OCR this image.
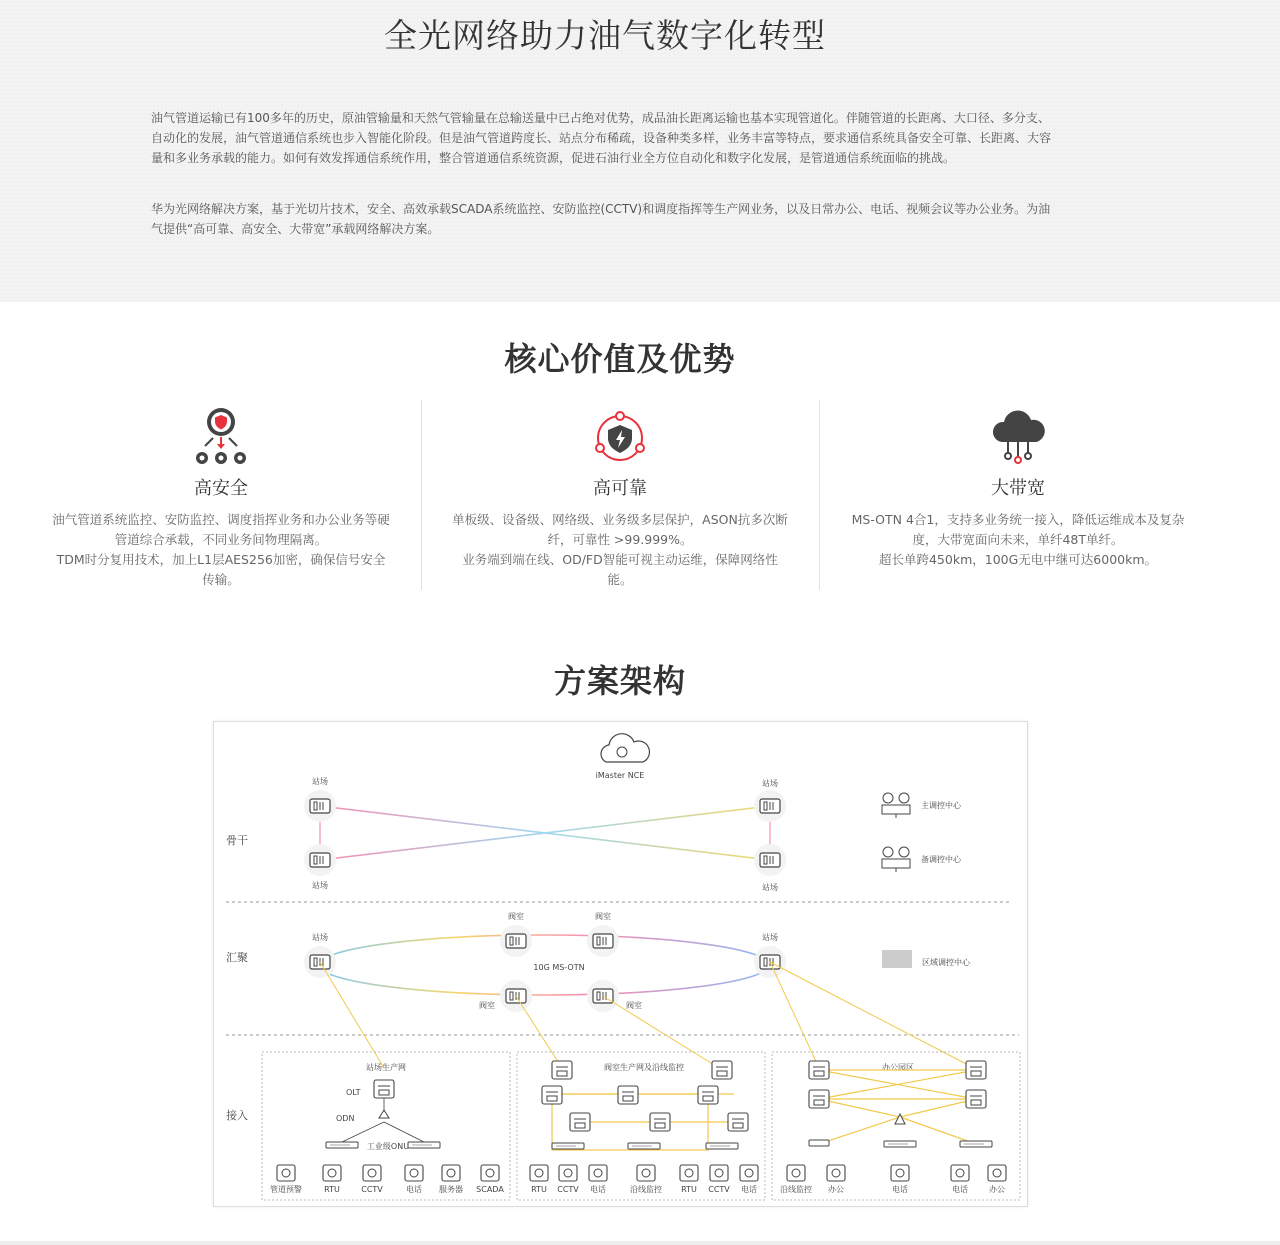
全光网络助力油气数字化转型

油气管道运输已有100多年的历史，原油管输量和天然气管输量在总输送量中已占绝对优势，成品油长距离运输也基本实现管道化。伴随管道的长距离、大口径、多分支、自动化的发展，油气管道通信系统也步入智能化阶段。但是油气管道跨度长、站点分布稀疏，设备种类多样，业务丰富等特点，要求通信系统具备安全可靠、长距离、大容量和多业务承载的能力。如何有效发挥通信系统作用，整合管道通信系统资源，促进石油行业全方位自动化和数字化发展，是管道通信系统面临的挑战。

华为光网络解决方案，基于光切片技术，安全、高效承载SCADA系统监控、安防监控(CCTV)和调度指挥等生产网业务，以及日常办公、电话、视频会议等办公业务。为油气提供“高可靠、高安全、大带宽”承载网络解决方案。

核心价值及优势
高安全
油气管道系统监控、安防监控、调度指挥业务和办公业务等硬管道综合承载，不同业务间物理隔离。
TDM时分复用技术，加上L1层AES256加密，确保信号安全传输。
高可靠
单板级、设备级、网络级、业务级多层保护，ASON抗多次断纤，可靠性 >99.999%。
业务端到端在线、OD/FD智能可视主动运维，保障网络性能。
大带宽
MS-OTN 4合1，支持多业务统一接入，降低运维成本及复杂度，大带宽面向未来，单纤48T单纤。
超长单跨450km，100G无电中继可达6000km。
方案架构
iMaster NCE
骨干
汇聚
接入
站场
站场
站场
站场
主调控中心
备调控中心
站场	站场
阀室	阀室
阀室	阀室
10G MS-OTN
区域调控中心
站场生产网	阀室生产网及沿线监控	办公园区
OLT
ODN
工业级ONU
管道预警	RTU	CCTV	电话 服务器 SCADA	RTU CCTV 电话	沿线监控 RTU CCTV 电话	沿线监控 办公	电话	电话	办公
